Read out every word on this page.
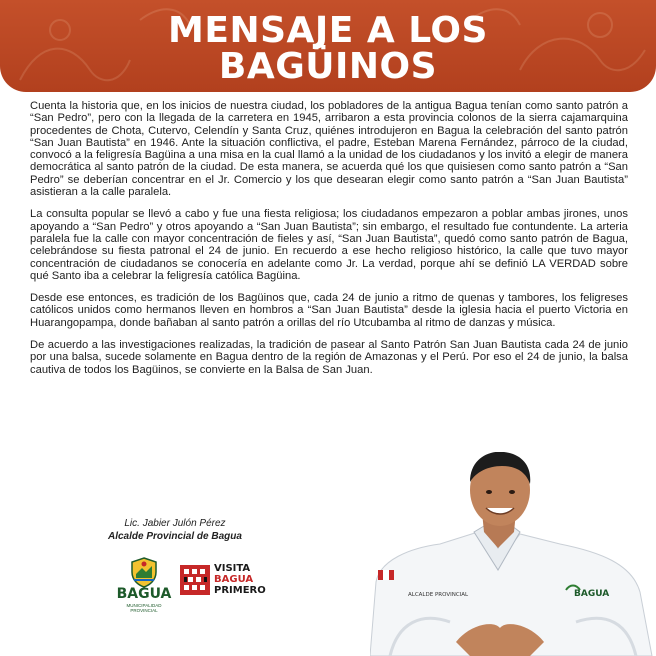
MENSAJE A LOS
BAGÜINOS

Cuenta la historia que, en los inicios de nuestra ciudad, los pobladores de la antigua Bagua tenían como santo patrón a “San Pedro”, pero con la llegada de la carretera en 1945, arribaron a esta provincia colonos de la sierra cajamarquina procedentes de Chota, Cutervo, Celendín y Santa Cruz, quiénes introdujeron en Bagua la celebración del santo patrón “San Juan Bautista” en 1946. Ante la situación conflictiva, el padre, Esteban Marena Fernández, párroco de la ciudad, convocó a la feligresía Bagüina a una misa en la cual llamó a la unidad de los ciudadanos y los invitó a elegir de manera democrática al santo patrón de la ciudad. De esta manera, se acuerda qué los que quisiesen como santo patrón a “San Pedro” se deberían concentrar en el Jr. Comercio y los que desearan elegir como santo patrón a “San Juan Bautista” asistieran a la calle paralela.

La consulta popular se llevó a cabo y fue una fiesta religiosa; los ciudadanos empezaron a poblar ambas jirones, unos apoyando a “San Pedro” y otros apoyando a “San Juan Bautista”; sin embargo, el resultado fue contundente. La arteria paralela fue la calle con mayor concentración de fieles y así, “San Juan Bautista”, quedó como santo patrón de Bagua, celebrándose su fiesta patronal el 24 de junio. En recuerdo a ese hecho religioso histórico, la calle que tuvo mayor concentración de ciudadanos se conocería en adelante como Jr. La verdad, porque ahí se definió LA VERDAD sobre qué Santo iba a celebrar la feligresía católica Bagüina.

Desde ese entonces, es tradición de los Bagüinos que, cada 24 de junio a ritmo de quenas y tambores, los feligreses católicos unidos como hermanos lleven en hombros a “San Juan Bautista” desde la iglesia hacia el puerto Victoria en Huarangopampa, donde bañaban al santo patrón a orillas del río Utcubamba al ritmo de danzas y música.

De acuerdo a las investigaciones realizadas, la tradición de pasear al Santo Patrón San Juan Bautista cada 24 de junio por una balsa, sucede solamente en Bagua dentro de la región de Amazonas y el Perú. Por eso el 24 de junio, la balsa cautiva de todos los Bagüinos, se convierte en la Balsa de San Juan.

Lic. Jabier Julón Pérez
Alcalde Provincial de Bagua
BAGUA
MUNICIPALIDAD PROVINCIAL
VISITA
BAGUA
PRIMERO	BAGUA
ALCALDE PROVINCIAL
